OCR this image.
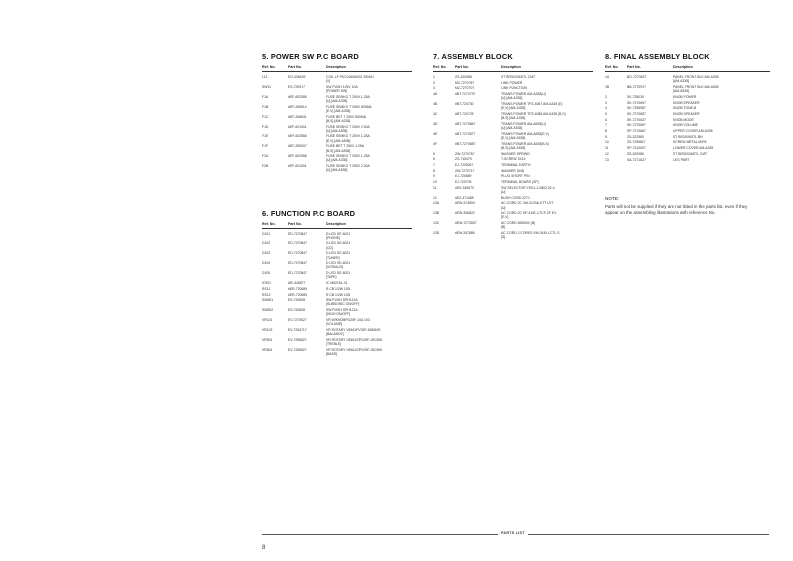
5. POWER SW P.C BOARD
Ref. No.	Part No.	Description
L11	EO-336409	COIL LF PKC01606H02 250UH
[V]
SW11	ES-720917	SW PUSH 125V 10A
[POWER SW]
F1A	#EF-602558	FUSE SEMKO T 250V 1.25A
[U] [AM-A335]
F1B	#EF-256514	FUSE SEMKO T 250V 800MA
[E,V] [AM-A335]
F1C	#EF-256841	FUSE BET T 250V 800MA
[B,S] [AM-A335]
F1D	#EF-601001	FUSE SEMKO T 250V 2.00A
[U] [AM-A535]
F1E	#EF-602558	FUSE SEMKO T 250V 1.25A
[E,V] [AM-A535]
F1F	#EF-259007	FUSE BET T 250V 1.25A
[B,S] [AM-A535]
F2A	#EF-602558	FUSE SEMKO T 250V 1.25A
[U] [AM-A335]
F2B	#EF-601001	FUSE SEMKO T 250V 2.00A
[U] [AM-A535]
6. FUNCTION P.C BOARD
Ref. No.	Part No.	Description
D101	ED-7270847	D LED SE-6021
[PHONE]
D102	ED-7270847	D LED SE-6021
[CD]
D103	ED-7270847	D LED SE-6021
[TUNER]
D104	ED-7270847	D LED SE-6021
[VCR/AUX]
D105	ED-7270847	D LED SE-6021
[TAPE]
IC901	#EI-346877	IC M5218L-01
RS11	#ER-720689	R CB 1/2W 10Ω
RS12	#ER-720689	R CB 1/2W 10Ω
SW501	ES-720698	SW PUSH SPH121A
[SUBSONIC ON/OFF]
SW502	ES-720698	SW PUSH SPH121A
[HIGH ON/OFF]
VR101	EV-7270827	VR W/KNOBPG25F-10A 103
[VOLUME]
VR102	EV-7254717	VR ROTARY V8161PV25F-4BM10K
[BALANCE]
VR501	EV-7255827	VR ROTARY V8161GPV25F-15C50K
[TREBLE]
VR601	EV-7255827	VR ROTARY V8161GPV25F-15C50K
[BASS]
7. ASSEMBLY BLOCK
Ref. No.	Part No.	Description
1	ZS-320986	ST BR30X06STL CMT
2	MZ-7270787	LINK POWER
3	MZ-7270707	LINK FUNCTION
4A	#BT-7270737	TRANS POWER AM-A335(U)
[U] [AM-A335]
4B	#BT-720730	TRANS POWER TPZ-4087 AM-A335 (E)
[E,V] [AM-A335]
4C	#BT-720729	TRANS POWER TPZ-4086 AM-A335 (B,S)
[B,S] [AM-A335]
4D	#BT-7270867	TRANS POWER AM-A535(U)
[U] [AM-A535]
4E	#BT-7270877	TRANS POWER AM-A535(E,V)
[E,V] [AM-A535]
4F	#BT-7270887	TRANS POWER AM-A535(B,S)
[B,S] [AM-A535]
5	ZW-7270767	WASHER SPRING
6	ZS-715479	T-SCREW 3X14
7	EJ-7225267	TERMINAL EARTH
8	ZW-7270717	WASHER GND
9	EJ-720689	PLUG SHORT PIN
10	EJ-720705	TERMINAL BOARD (SP)
11	#ES-349670	SW SELECTOR YKS1-1-0802 02-4
[U]
12	#EZ-371485	BUSH CORD 2271
13A	#EW-374894	AC CORD 2C VM-0120A,KTT UYT
[U]
13B	#EW-336822	AC CORD 2C KP-419C,LTCF-2F EV
[E,V]
13C	#EW-7270837	AC CORD BS6500 (B)
[B]
13D	#EW-347886	AC CORD 2 CORES VM-0430,LCTL S
[S]
8. FINAL ASSEMBLY BLOCK
Ref. No.	Part No.	Description
1A	BG-7270637	PANEL FRONT BLK AM-A335
[AM-A335]
1B	BB-7270917	PANEL FRONT BLK AM-A535
[AM-A535]
2	SK-728030	KNOB POWER
3	SK-7270697	KNOB SPEAKER
4	SK-7255987	KNOB TONE-B
5	SK-7270687	KNOB SPEAKER
6	SK-7270637	KNOB MODE
7	SK-7270657	KNOB VOLUME
8	SP-7270667	UPPER COVER AM-A335
9	ZS-322580	ST BR3X06STL BN
10	ZS-7255817	SCREW METAL M3*8
11	SP-7210607	LOWER COVER AM-A335
12	ZS-320986	ST BR30X06STL CMT
13	SA-7271627	LEG PART
NOTE:
Parts will not be supplied if they are not listed in the parts list, even if they appear on the assembling illustrations with reference No.
PARTS LIST
8
